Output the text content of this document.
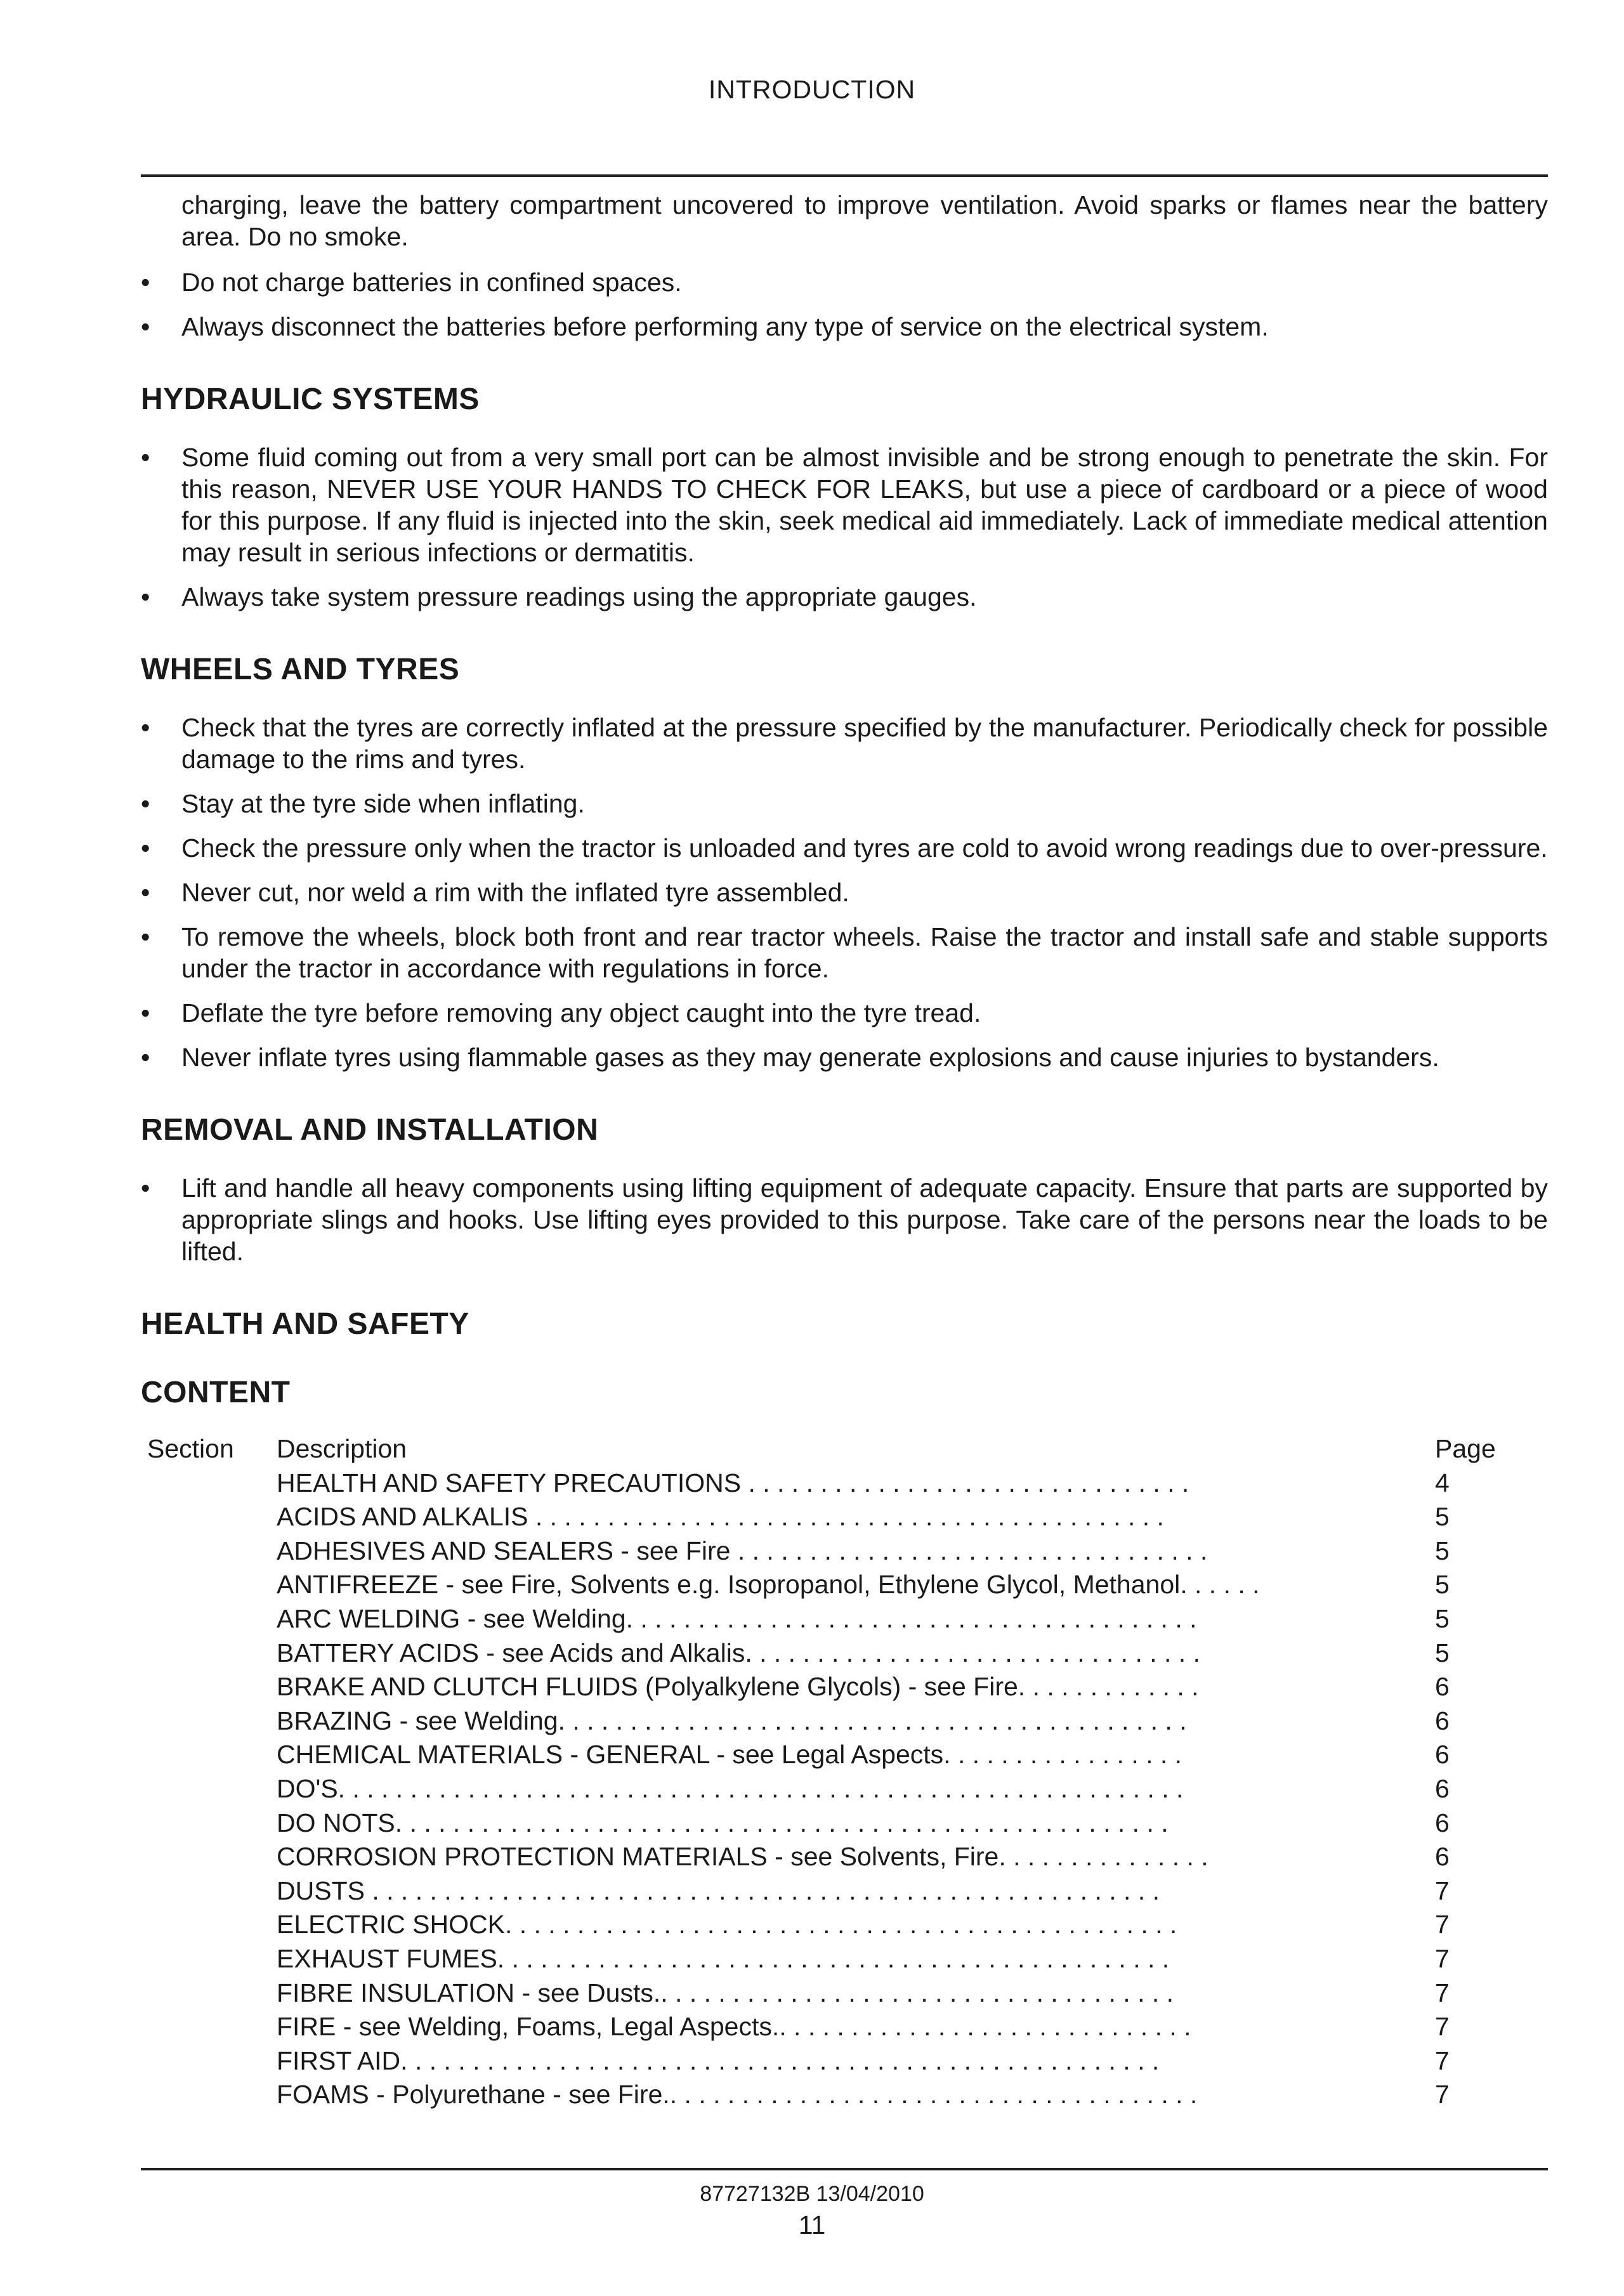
INTRODUCTION

charging, leave the battery compartment uncovered to improve ventilation. Avoid sparks or flames near the battery area. Do no smoke.

•	Do not charge batteries in confined spaces.
•	Always disconnect the batteries before performing any type of service on the electrical system.
HYDRAULIC SYSTEMS
•	Some fluid coming out from a very small port can be almost invisible and be strong enough to penetrate the skin. For this reason, NEVER USE YOUR HANDS TO CHECK FOR LEAKS, but use a piece of cardboard or a piece of wood for this purpose. If any fluid is injected into the skin, seek medical aid immediately. Lack of immediate medical attention may result in serious infections or dermatitis.
•	Always take system pressure readings using the appropriate gauges.
WHEELS AND TYRES
•	Check that the tyres are correctly inflated at the pressure specified by the manufacturer. Periodically check for possible damage to the rims and tyres.
•	Stay at the tyre side when inflating.
•	Check the pressure only when the tractor is unloaded and tyres are cold to avoid wrong readings due to over-pressure.
•	Never cut, nor weld a rim with the inflated tyre assembled.
•	To remove the wheels, block both front and rear tractor wheels. Raise the tractor and install safe and stable supports under the tractor in accordance with regulations in force.
•	Deflate the tyre before removing any object caught into the tyre tread.
•	Never inflate tyres using flammable gases as they may generate explosions and cause injuries to bystanders.
REMOVAL AND INSTALLATION
•	Lift and handle all heavy components using lifting equipment of adequate capacity. Ensure that parts are supported by appropriate slings and hooks. Use lifting eyes provided to this purpose. Take care of the persons near the loads to be lifted.
HEALTH AND SAFETY
CONTENT
Section Description	Page
HEALTH AND SAFETY PRECAUTIONS . . . . . . . . . . . . . . . . . . . . . . . . . . . . . . .	4
ACIDS AND ALKALIS . . . . . . . . . . . . . . . . . . . . . . . . . . . . . . . . . . . . . . . . . . . .	5
ADHESIVES AND SEALERS - see Fire . . . . . . . . . . . . . . . . . . . . . . . . . . . . . . . . .	5
ANTIFREEZE - see Fire, Solvents e.g. Isopropanol, Ethylene Glycol, Methanol. . . . . .	5
ARC WELDING - see Welding. . . . . . . . . . . . . . . . . . . . . . . . . . . . . . . . . . . . . . . .	5
BATTERY ACIDS - see Acids and Alkalis. . . . . . . . . . . . . . . . . . . . . . . . . . . . . . . .	5
BRAKE AND CLUTCH FLUIDS (Polyalkylene Glycols) - see Fire. . . . . . . . . . . . .	6
BRAZING - see Welding. . . . . . . . . . . . . . . . . . . . . . . . . . . . . . . . . . . . . . . . . . . .	6
CHEMICAL MATERIALS - GENERAL - see Legal Aspects. . . . . . . . . . . . . . . . .	6
DO'S. . . . . . . . . . . . . . . . . . . . . . . . . . . . . . . . . . . . . . . . . . . . . . . . . . . . . . . . . . .	6
DO NOTS. . . . . . . . . . . . . . . . . . . . . . . . . . . . . . . . . . . . . . . . . . . . . . . . . . . . . .	6
CORROSION PROTECTION MATERIALS - see Solvents, Fire. . . . . . . . . . . . . . .	6
DUSTS . . . . . . . . . . . . . . . . . . . . . . . . . . . . . . . . . . . . . . . . . . . . . . . . . . . . . . .	7
ELECTRIC SHOCK. . . . . . . . . . . . . . . . . . . . . . . . . . . . . . . . . . . . . . . . . . . . . . .	7
EXHAUST FUMES. . . . . . . . . . . . . . . . . . . . . . . . . . . . . . . . . . . . . . . . . . . . . . .	7
FIBRE INSULATION - see Dusts.. . . . . . . . . . . . . . . . . . . . . . . . . . . . . . . . . . . .	7
FIRE - see Welding, Foams, Legal Aspects.. . . . . . . . . . . . . . . . . . . . . . . . . . . . .	7
FIRST AID. . . . . . . . . . . . . . . . . . . . . . . . . . . . . . . . . . . . . . . . . . . . . . . . . . . . .	7
FOAMS - Polyurethane - see Fire.. . . . . . . . . . . . . . . . . . . . . . . . . . . . . . . . . . . . .	7
87727132B 13/04/2010
11
